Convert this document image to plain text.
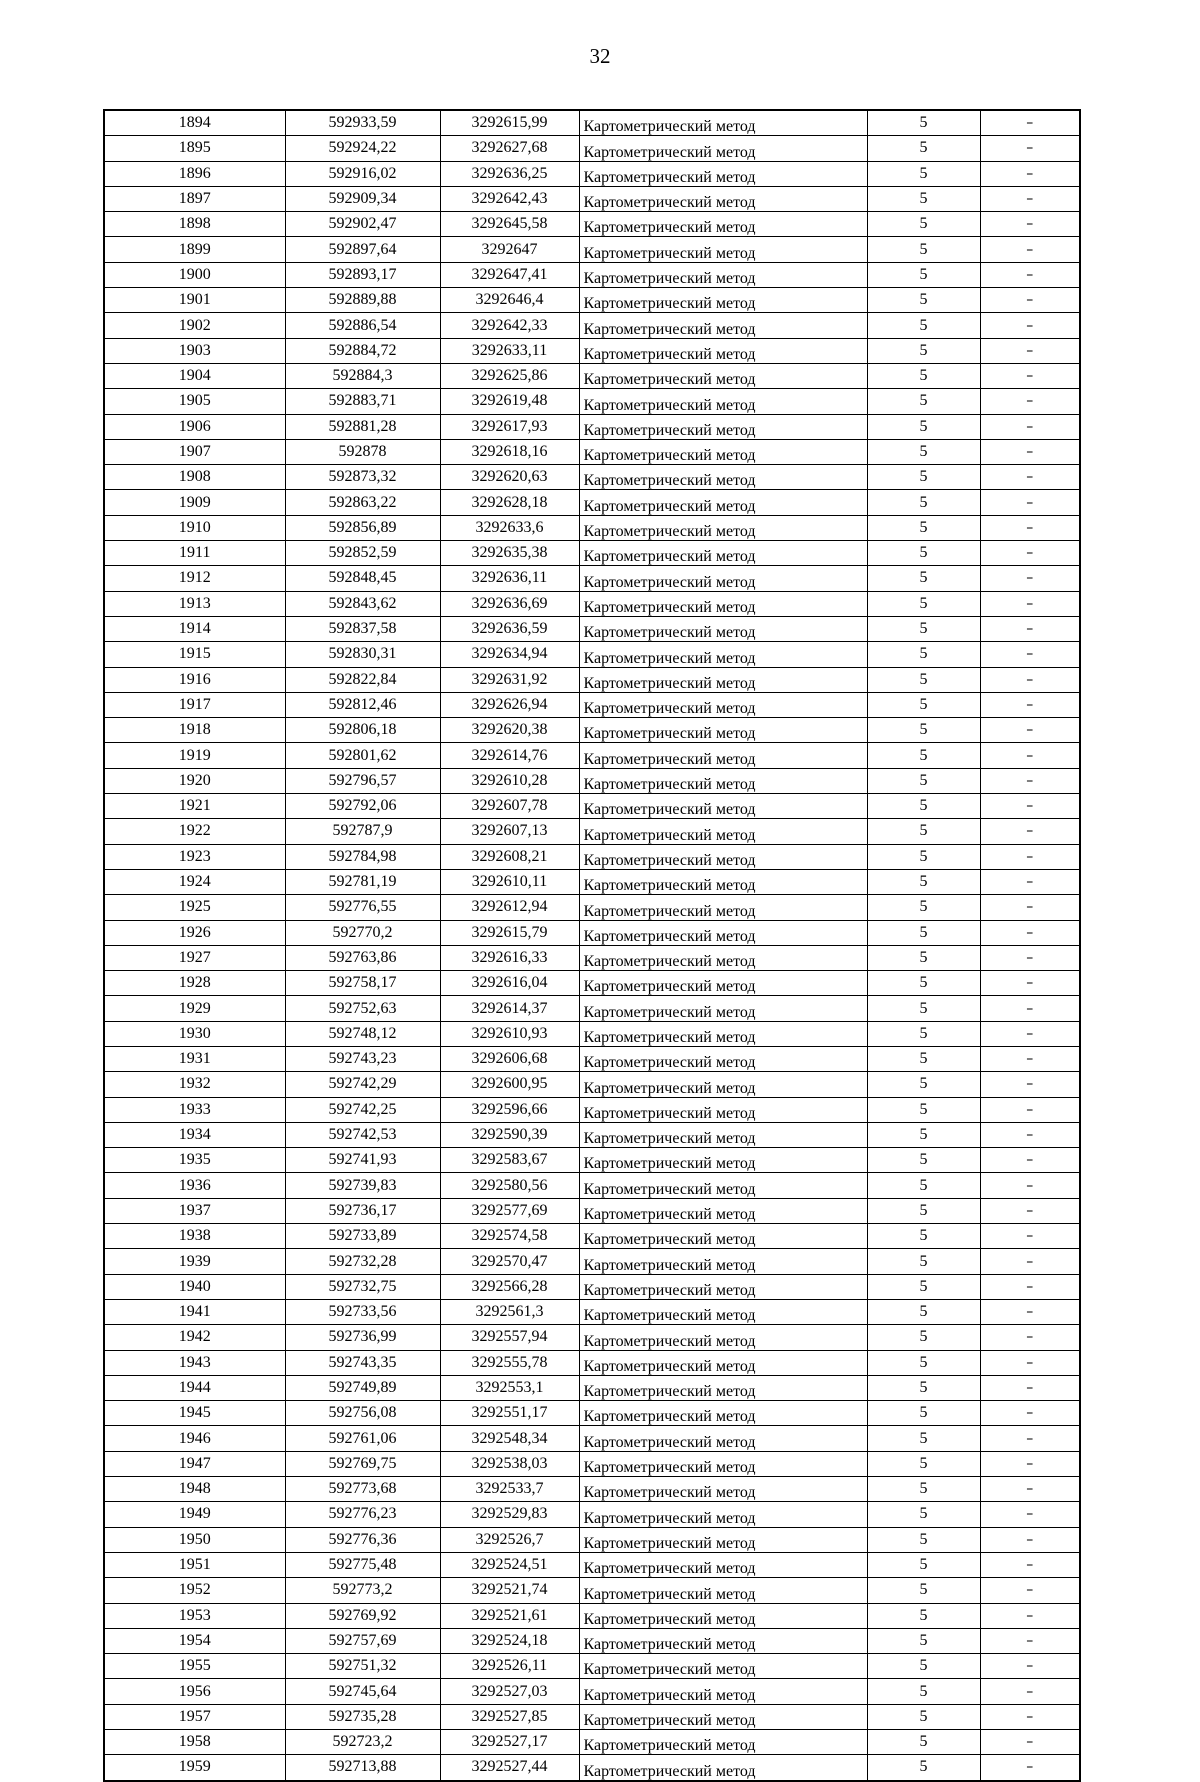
32
1894	592933,59	3292615,99	Картометрический метод	5	–
1895	592924,22	3292627,68	Картометрический метод	5	–
1896	592916,02	3292636,25	Картометрический метод	5	–
1897	592909,34	3292642,43	Картометрический метод	5	–
1898	592902,47	3292645,58	Картометрический метод	5	–
1899	592897,64	3292647	Картометрический метод	5	–
1900	592893,17	3292647,41	Картометрический метод	5	–
1901	592889,88	3292646,4	Картометрический метод	5	–
1902	592886,54	3292642,33	Картометрический метод	5	–
1903	592884,72	3292633,11	Картометрический метод	5	–
1904	592884,3	3292625,86	Картометрический метод	5	–
1905	592883,71	3292619,48	Картометрический метод	5	–
1906	592881,28	3292617,93	Картометрический метод	5	–
1907	592878	3292618,16	Картометрический метод	5	–
1908	592873,32	3292620,63	Картометрический метод	5	–
1909	592863,22	3292628,18	Картометрический метод	5	–
1910	592856,89	3292633,6	Картометрический метод	5	–
1911	592852,59	3292635,38	Картометрический метод	5	–
1912	592848,45	3292636,11	Картометрический метод	5	–
1913	592843,62	3292636,69	Картометрический метод	5	–
1914	592837,58	3292636,59	Картометрический метод	5	–
1915	592830,31	3292634,94	Картометрический метод	5	–
1916	592822,84	3292631,92	Картометрический метод	5	–
1917	592812,46	3292626,94	Картометрический метод	5	–
1918	592806,18	3292620,38	Картометрический метод	5	–
1919	592801,62	3292614,76	Картометрический метод	5	–
1920	592796,57	3292610,28	Картометрический метод	5	–
1921	592792,06	3292607,78	Картометрический метод	5	–
1922	592787,9	3292607,13	Картометрический метод	5	–
1923	592784,98	3292608,21	Картометрический метод	5	–
1924	592781,19	3292610,11	Картометрический метод	5	–
1925	592776,55	3292612,94	Картометрический метод	5	–
1926	592770,2	3292615,79	Картометрический метод	5	–
1927	592763,86	3292616,33	Картометрический метод	5	–
1928	592758,17	3292616,04	Картометрический метод	5	–
1929	592752,63	3292614,37	Картометрический метод	5	–
1930	592748,12	3292610,93	Картометрический метод	5	–
1931	592743,23	3292606,68	Картометрический метод	5	–
1932	592742,29	3292600,95	Картометрический метод	5	–
1933	592742,25	3292596,66	Картометрический метод	5	–
1934	592742,53	3292590,39	Картометрический метод	5	–
1935	592741,93	3292583,67	Картометрический метод	5	–
1936	592739,83	3292580,56	Картометрический метод	5	–
1937	592736,17	3292577,69	Картометрический метод	5	–
1938	592733,89	3292574,58	Картометрический метод	5	–
1939	592732,28	3292570,47	Картометрический метод	5	–
1940	592732,75	3292566,28	Картометрический метод	5	–
1941	592733,56	3292561,3	Картометрический метод	5	–
1942	592736,99	3292557,94	Картометрический метод	5	–
1943	592743,35	3292555,78	Картометрический метод	5	–
1944	592749,89	3292553,1	Картометрический метод	5	–
1945	592756,08	3292551,17	Картометрический метод	5	–
1946	592761,06	3292548,34	Картометрический метод	5	–
1947	592769,75	3292538,03	Картометрический метод	5	–
1948	592773,68	3292533,7	Картометрический метод	5	–
1949	592776,23	3292529,83	Картометрический метод	5	–
1950	592776,36	3292526,7	Картометрический метод	5	–
1951	592775,48	3292524,51	Картометрический метод	5	–
1952	592773,2	3292521,74	Картометрический метод	5	–
1953	592769,92	3292521,61	Картометрический метод	5	–
1954	592757,69	3292524,18	Картометрический метод	5	–
1955	592751,32	3292526,11	Картометрический метод	5	–
1956	592745,64	3292527,03	Картометрический метод	5	–
1957	592735,28	3292527,85	Картометрический метод	5	–
1958	592723,2	3292527,17	Картометрический метод	5	–
1959	592713,88	3292527,44	Картометрический метод	5	–
